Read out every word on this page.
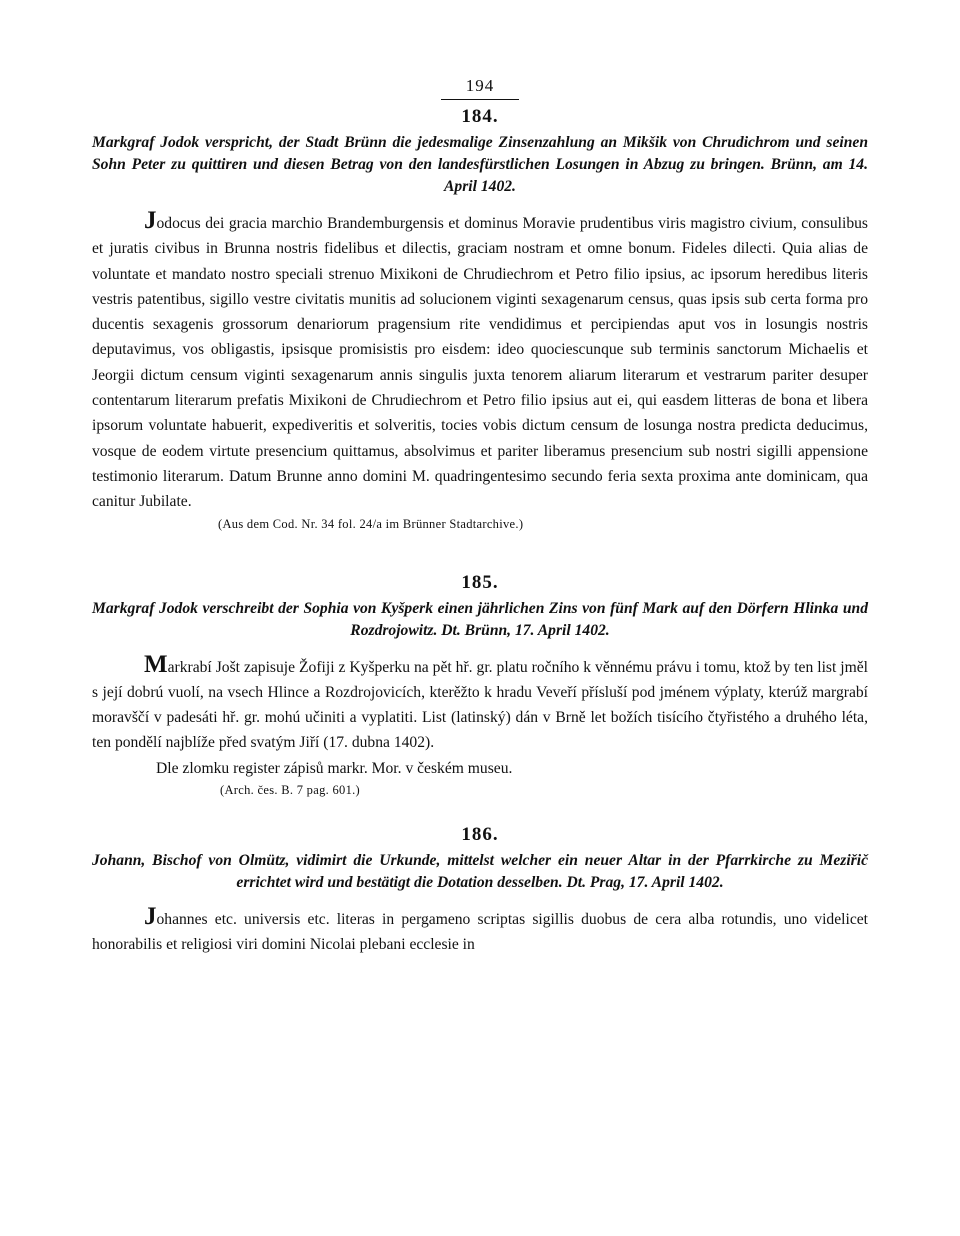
194
184.

Markgraf Jodok verspricht, der Stadt Brünn die jedesmalige Zinsenzahlung an Mikšik von Chrudichrom und seinen Sohn Peter zu quittiren und diesen Betrag von den landesfürstlichen Losungen in Abzug zu bringen. Brünn, am 14. April 1402.

Jodocus dei gracia marchio Brandemburgensis et dominus Moravie prudentibus viris magistro civium, consulibus et juratis civibus in Brunna nostris fidelibus et dilectis, graciam nostram et omne bonum. Fideles dilecti. Quia alias de voluntate et mandato nostro speciali strenuo Mixikoni de Chrudiechrom et Petro filio ipsius, ac ipsorum heredibus literis vestris patentibus, sigillo vestre civitatis munitis ad solucionem viginti sexagenarum census, quas ipsis sub certa forma pro ducentis sexagenis grossorum denariorum pragensium rite vendidimus et percipiendas aput vos in losungis nostris deputavimus, vos obligastis, ipsisque promisistis pro eisdem: ideo quociescunque sub terminis sanctorum Michaelis et Jeorgii dictum censum viginti sexagenarum annis singulis juxta tenorem aliarum literarum et vestrarum pariter desuper contentarum literarum prefatis Mixikoni de Chrudiechrom et Petro filio ipsius aut ei, qui easdem litteras de bona et libera ipsorum voluntate habuerit, expediveritis et solveritis, tocies vobis dictum censum de losunga nostra predicta deducimus, vosque de eodem virtute presencium quittamus, absolvimus et pariter liberamus presencium sub nostri sigilli appensione testimonio literarum. Datum Brunne anno domini M. quadringentesimo secundo feria sexta proxima ante dominicam, qua canitur Jubilate.

(Aus dem Cod. Nr. 34 fol. 24/a im Brünner Stadtarchive.)
185.

Markgraf Jodok verschreibt der Sophia von Kyšperk einen jährlichen Zins von fünf Mark auf den Dörfern Hlinka und Rozdrojowitz. Dt. Brünn, 17. April 1402.

Markrabí Jošt zapisuje Žofiji z Kyšperku na pět hř. gr. platu ročního k věnnému právu i tomu, ktož by ten list jměl s její dobrú vuolí, na vsech Hlince a Rozdrojovicích, kterěžto k hradu Veveří přísluší pod jménem výplaty, kterúž margrabí moravščí v padesáti hř. gr. mohú učiniti a vyplatiti. List (latinský) dán v Brně let božích tisícího čtyřistého a druhého léta, ten pondělí najblíže před svatým Jiří (17. dubna 1402).

Dle zlomku register zápisů markr. Mor. v českém museu.

(Arch. čes. B. 7 pag. 601.)
186.

Johann, Bischof von Olmütz, vidimirt die Urkunde, mittelst welcher ein neuer Altar in der Pfarrkirche zu Meziřič errichtet wird und bestätigt die Dotation desselben. Dt. Prag, 17. April 1402.

Johannes etc. universis etc. literas in pergameno scriptas sigillis duobus de cera alba rotundis, uno videlicet honorabilis et religiosi viri domini Nicolai plebani ecclesie in
